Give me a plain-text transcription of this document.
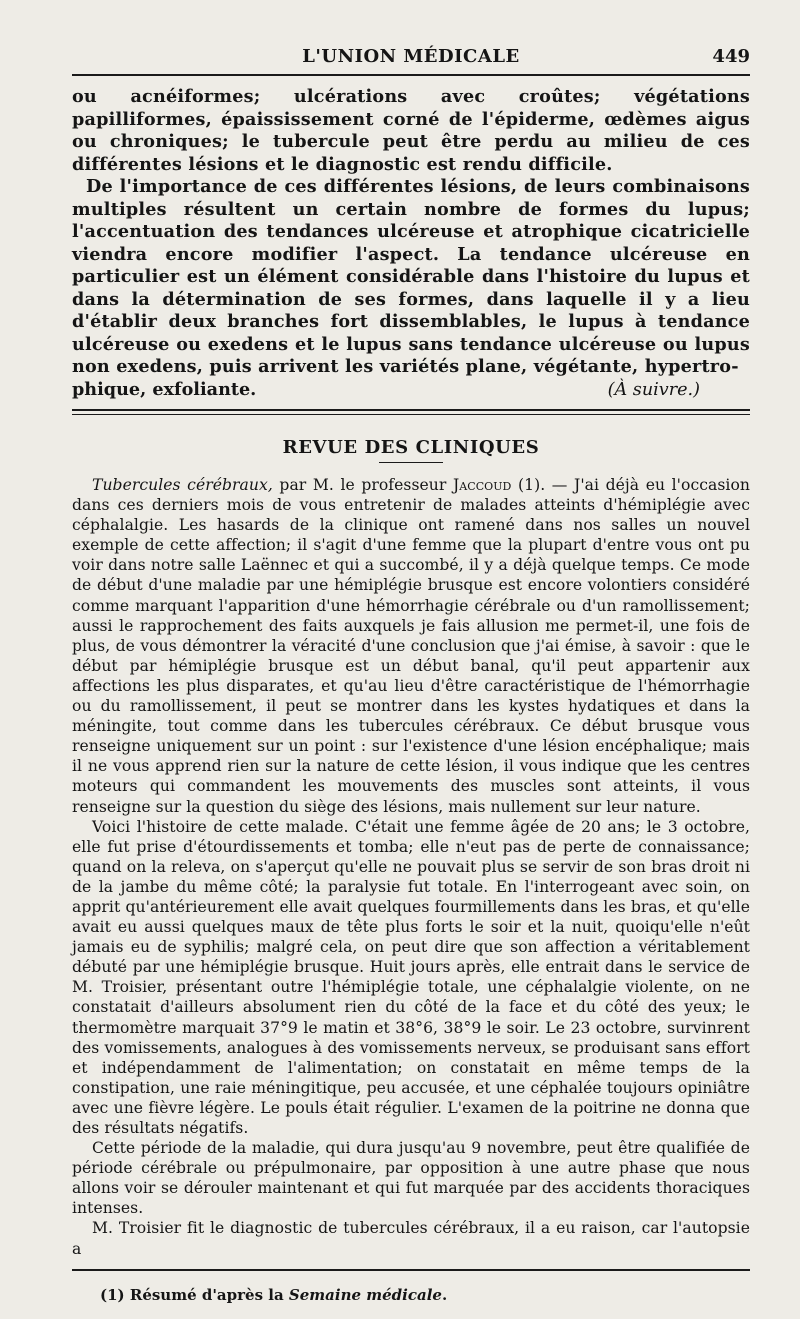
L'UNION MÉDICALE	449

ou acnéiformes; ulcérations avec croûtes; végétations papilliformes, épaississement corné de l'épiderme, œdèmes aigus ou chroniques; le tubercule peut être perdu au milieu de ces différentes lésions et le diagnostic est rendu difficile.

De l'importance de ces différentes lésions, de leurs combinaisons multiples résultent un certain nombre de formes du lupus; l'accentuation des tendances ulcéreuse et atrophique cicatricielle viendra encore modifier l'aspect. La tendance ulcéreuse en particulier est un élément considérable dans l'histoire du lupus et dans la détermination de ses formes, dans laquelle il y a lieu d'établir deux branches fort dissemblables, le lupus à tendance ulcéreuse ou exedens et le lupus sans tendance ulcéreuse ou lupus non exedens, puis arrivent les variétés plane, végétante, hypertro-

phique, exfoliante.	(À suivre.)

REVUE DES CLINIQUES

Tubercules cérébraux, par M. le professeur Jaccoud (1). — J'ai déjà eu l'occasion dans ces derniers mois de vous entretenir de malades atteints d'hémiplégie avec céphalalgie. Les hasards de la clinique ont ramené dans nos salles un nouvel exemple de cette affection; il s'agit d'une femme que la plupart d'entre vous ont pu voir dans notre salle Laënnec et qui a succombé, il y a déjà quelque temps. Ce mode de début d'une maladie par une hémiplégie brusque est encore volontiers considéré comme marquant l'apparition d'une hémorrhagie cérébrale ou d'un ramollissement; aussi le rapprochement des faits auxquels je fais allusion me permet-il, une fois de plus, de vous démontrer la véracité d'une conclusion que j'ai émise, à savoir : que le début par hémiplégie brusque est un début banal, qu'il peut appartenir aux affections les plus disparates, et qu'au lieu d'être caractéristique de l'hémorrhagie ou du ramollissement, il peut se montrer dans les kystes hydatiques et dans la méningite, tout comme dans les tubercules cérébraux. Ce début brusque vous renseigne uniquement sur un point : sur l'existence d'une lésion encéphalique; mais il ne vous apprend rien sur la nature de cette lésion, il vous indique que les centres moteurs qui commandent les mouvements des muscles sont atteints, il vous renseigne sur la question du siège des lésions, mais nullement sur leur nature.

Voici l'histoire de cette malade. C'était une femme âgée de 20 ans; le 3 octobre, elle fut prise d'étourdissements et tomba; elle n'eut pas de perte de connaissance; quand on la releva, on s'aperçut qu'elle ne pouvait plus se servir de son bras droit ni de la jambe du même côté; la paralysie fut totale. En l'interrogeant avec soin, on apprit qu'antérieurement elle avait quelques fourmillements dans les bras, et qu'elle avait eu aussi quelques maux de tête plus forts le soir et la nuit, quoiqu'elle n'eût jamais eu de syphilis; malgré cela, on peut dire que son affection a véritablement débuté par une hémiplégie brusque. Huit jours après, elle entrait dans le service de M. Troisier, présentant outre l'hémiplégie totale, une céphalalgie violente, on ne constatait d'ailleurs absolument rien du côté de la face et du côté des yeux; le thermomètre marquait 37°9 le matin et 38°6, 38°9 le soir. Le 23 octobre, survinrent des vomissements, analogues à des vomissements nerveux, se produisant sans effort et indépendamment de l'alimentation; on constatait en même temps de la constipation, une raie méningitique, peu accusée, et une céphalée toujours opiniâtre avec une fièvre légère. Le pouls était régulier. L'examen de la poitrine ne donna que des résultats négatifs.

Cette période de la maladie, qui dura jusqu'au 9 novembre, peut être qualifiée de période cérébrale ou prépulmonaire, par opposition à une autre phase que nous allons voir se dérouler maintenant et qui fut marquée par des accidents thoraciques intenses.

M. Troisier fit le diagnostic de tubercules cérébraux, il a eu raison, car l'autopsie a

(1) Résumé d'après la Semaine médicale.
